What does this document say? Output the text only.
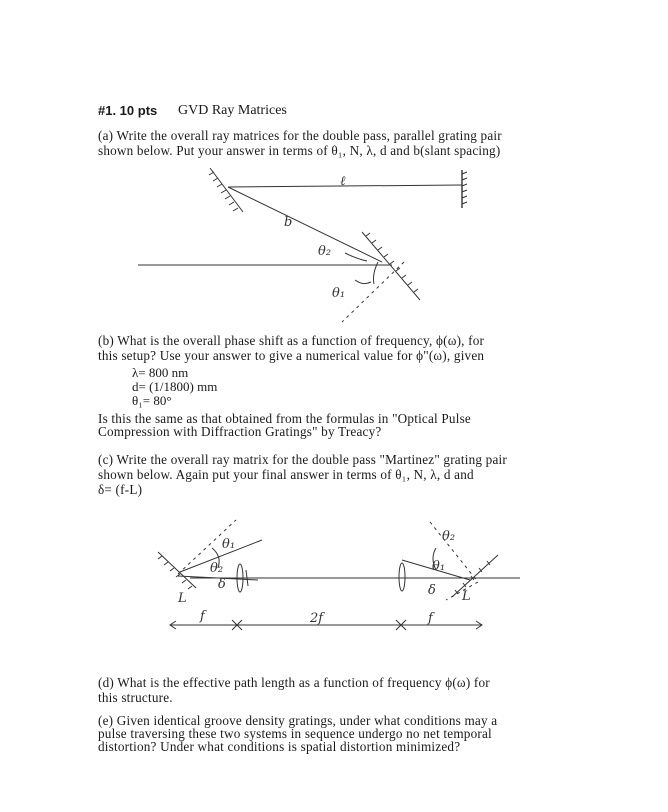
#1. 10 pts GVD Ray Matrices
(a) Write the overall ray matrices for the double pass, parallel grating pair
shown below. Put your answer in terms of θ₁, N, λ, d and b(slant spacing)
ℓ
b
θ₂
θ₁
θ₁
θ₂
δ
L
f	2f
θ₂
θ₁
δ L
f
(b) What is the overall phase shift as a function of frequency, ϕ(ω), for
this setup? Use your answer to give a numerical value for ϕ"(ω), given
λ= 800 nm
d= (1/1800) mm
θ₁= 80°
Is this the same as that obtained from the formulas in "Optical Pulse
Compression with Diffraction Gratings" by Treacy?
(c) Write the overall ray matrix for the double pass "Martinez" grating pair
shown below. Again put your final answer in terms of θ₁, N, λ, d and
δ= (f-L)
(d) What is the effective path length as a function of frequency ϕ(ω) for
this structure.
(e) Given identical groove density gratings, under what conditions may a
pulse traversing these two systems in sequence undergo no net temporal
distortion? Under what conditions is spatial distortion minimized?
